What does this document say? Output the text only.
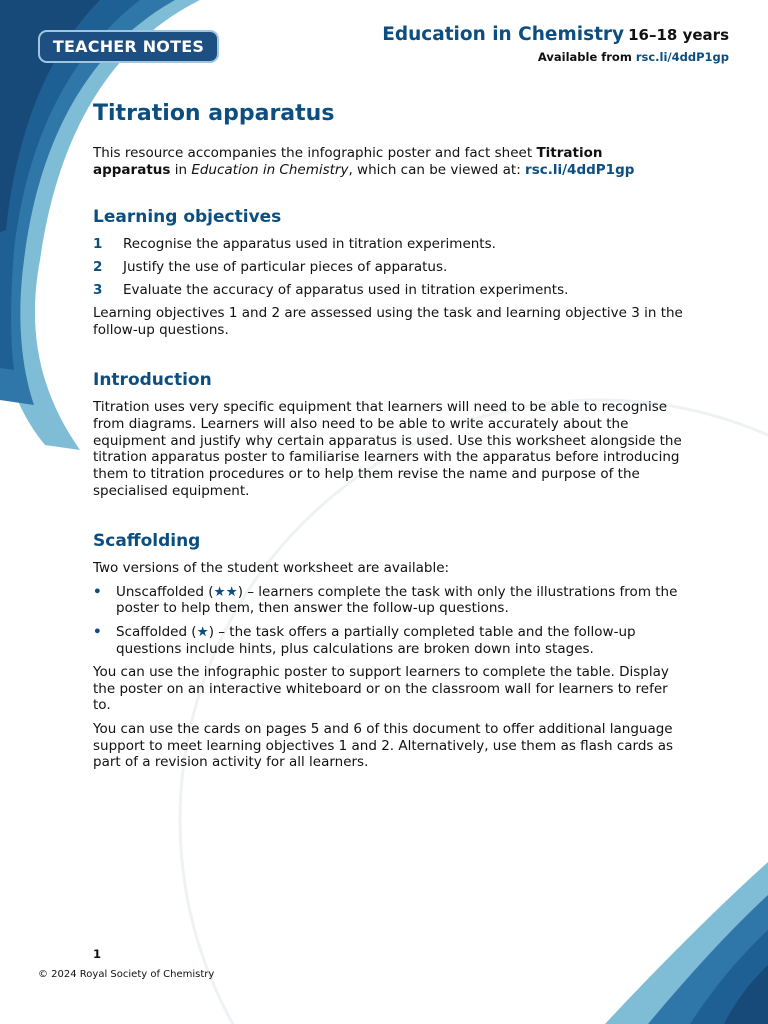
TEACHER NOTES
Education in Chemistry 16–18 years
Available from rsc.li/4ddP1gp
Titration apparatus

This resource accompanies the infographic poster and fact sheet Titration apparatus in Education in Chemistry, which can be viewed at: rsc.li/4ddP1gp

Learning objectives
1	Recognise the apparatus used in titration experiments.
2	Justify the use of particular pieces of apparatus.
3	Evaluate the accuracy of apparatus used in titration experiments.

Learning objectives 1 and 2 are assessed using the task and learning objective 3 in the follow-up questions.

Introduction

Titration uses very specific equipment that learners will need to be able to recognise from diagrams. Learners will also need to be able to write accurately about the equipment and justify why certain apparatus is used. Use this worksheet alongside the titration apparatus poster to familiarise learners with the apparatus before introducing them to titration procedures or to help them revise the name and purpose of the specialised equipment.

Scaffolding

Two versions of the student worksheet are available:

•	Unscaffolded (★★) – learners complete the task with only the illustrations from the poster to help them, then answer the follow-up questions.
•	Scaffolded (★) – the task offers a partially completed table and the follow-up questions include hints, plus calculations are broken down into stages.

You can use the infographic poster to support learners to complete the table. Display the poster on an interactive whiteboard or on the classroom wall for learners to refer to.

You can use the cards on pages 5 and 6 of this document to offer additional language support to meet learning objectives 1 and 2. Alternatively, use them as flash cards as part of a revision activity for all learners.

1
© 2024 Royal Society of Chemistry
